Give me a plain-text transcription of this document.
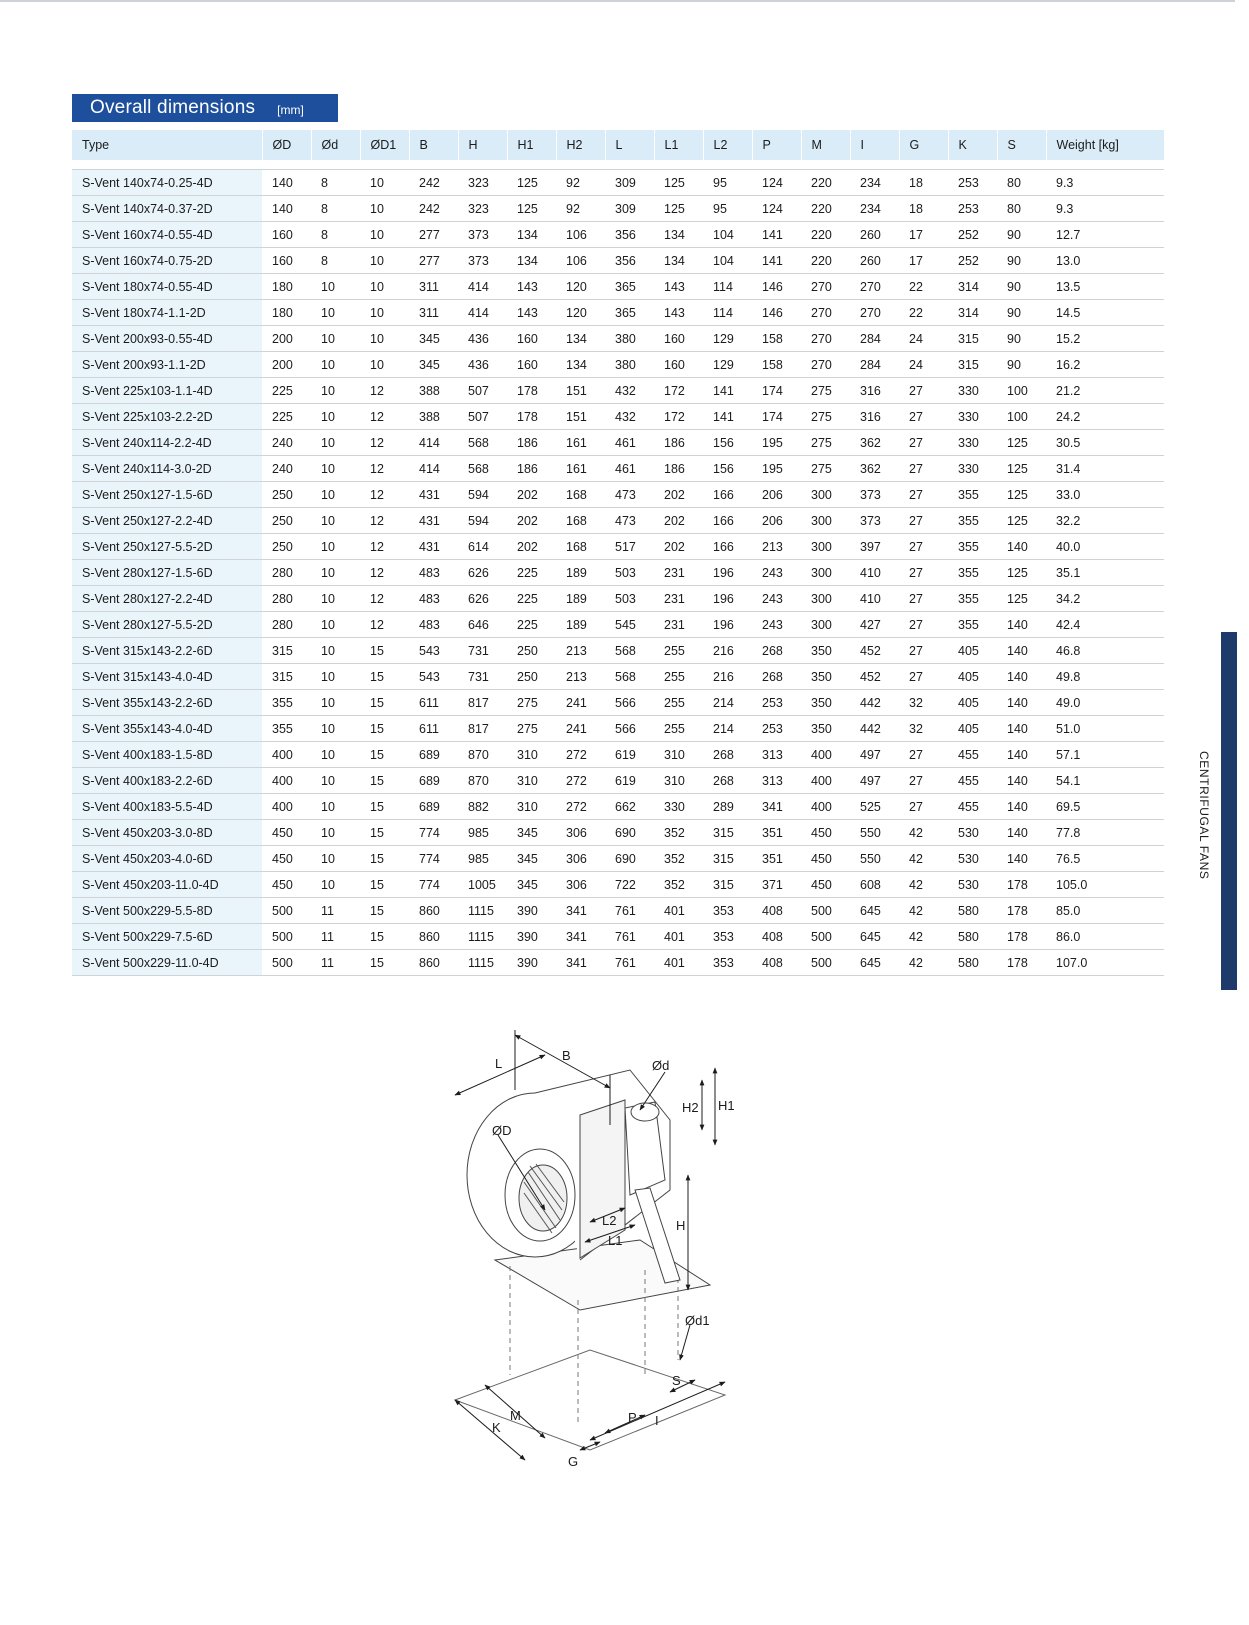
Overall dimensions [mm]
Type	ØD	Ød	ØD1	B	H	H1	H2	L	L1	L2	P	M	I	G	K	S	Weight [kg]

S-Vent 140x74-0.25-4D	140	8	10	242	323	125	92	309	125	95	124	220	234	18	253	80	9.3
S-Vent 140x74-0.37-2D	140	8	10	242	323	125	92	309	125	95	124	220	234	18	253	80	9.3
S-Vent 160x74-0.55-4D	160	8	10	277	373	134	106	356	134	104	141	220	260	17	252	90	12.7
S-Vent 160x74-0.75-2D	160	8	10	277	373	134	106	356	134	104	141	220	260	17	252	90	13.0
S-Vent 180x74-0.55-4D	180	10	10	311	414	143	120	365	143	114	146	270	270	22	314	90	13.5
S-Vent 180x74-1.1-2D	180	10	10	311	414	143	120	365	143	114	146	270	270	22	314	90	14.5
S-Vent 200x93-0.55-4D	200	10	10	345	436	160	134	380	160	129	158	270	284	24	315	90	15.2
S-Vent 200x93-1.1-2D	200	10	10	345	436	160	134	380	160	129	158	270	284	24	315	90	16.2
S-Vent 225x103-1.1-4D	225	10	12	388	507	178	151	432	172	141	174	275	316	27	330	100	21.2
S-Vent 225x103-2.2-2D	225	10	12	388	507	178	151	432	172	141	174	275	316	27	330	100	24.2
S-Vent 240x114-2.2-4D	240	10	12	414	568	186	161	461	186	156	195	275	362	27	330	125	30.5
S-Vent 240x114-3.0-2D	240	10	12	414	568	186	161	461	186	156	195	275	362	27	330	125	31.4
S-Vent 250x127-1.5-6D	250	10	12	431	594	202	168	473	202	166	206	300	373	27	355	125	33.0
S-Vent 250x127-2.2-4D	250	10	12	431	594	202	168	473	202	166	206	300	373	27	355	125	32.2
S-Vent 250x127-5.5-2D	250	10	12	431	614	202	168	517	202	166	213	300	397	27	355	140	40.0
S-Vent 280x127-1.5-6D	280	10	12	483	626	225	189	503	231	196	243	300	410	27	355	125	35.1
S-Vent 280x127-2.2-4D	280	10	12	483	626	225	189	503	231	196	243	300	410	27	355	125	34.2
S-Vent 280x127-5.5-2D	280	10	12	483	646	225	189	545	231	196	243	300	427	27	355	140	42.4
S-Vent 315x143-2.2-6D	315	10	15	543	731	250	213	568	255	216	268	350	452	27	405	140	46.8
S-Vent 315x143-4.0-4D	315	10	15	543	731	250	213	568	255	216	268	350	452	27	405	140	49.8
S-Vent 355x143-2.2-6D	355	10	15	611	817	275	241	566	255	214	253	350	442	32	405	140	49.0
S-Vent 355x143-4.0-4D	355	10	15	611	817	275	241	566	255	214	253	350	442	32	405	140	51.0
S-Vent 400x183-1.5-8D	400	10	15	689	870	310	272	619	310	268	313	400	497	27	455	140	57.1
S-Vent 400x183-2.2-6D	400	10	15	689	870	310	272	619	310	268	313	400	497	27	455	140	54.1
S-Vent 400x183-5.5-4D	400	10	15	689	882	310	272	662	330	289	341	400	525	27	455	140	69.5
S-Vent 450x203-3.0-8D	450	10	15	774	985	345	306	690	352	315	351	450	550	42	530	140	77.8
S-Vent 450x203-4.0-6D	450	10	15	774	985	345	306	690	352	315	351	450	550	42	530	140	76.5
S-Vent 450x203-11.0-4D	450	10	15	774	1005	345	306	722	352	315	371	450	608	42	530	178	105.0
S-Vent 500x229-5.5-8D	500	11	15	860	1115	390	341	761	401	353	408	500	645	42	580	178	85.0
S-Vent 500x229-7.5-6D	500	11	15	860	1115	390	341	761	401	353	408	500	645	42	580	178	86.0
S-Vent 500x229-11.0-4D	500	11	15	860	1115	390	341	761	401	353	408	500	645	42	580	178	107.0
CENTRIFUGAL FANS
B
L	Ød
ØD
H1
H2
H
L2
L1
Ød1
M
K
G
P I
S
